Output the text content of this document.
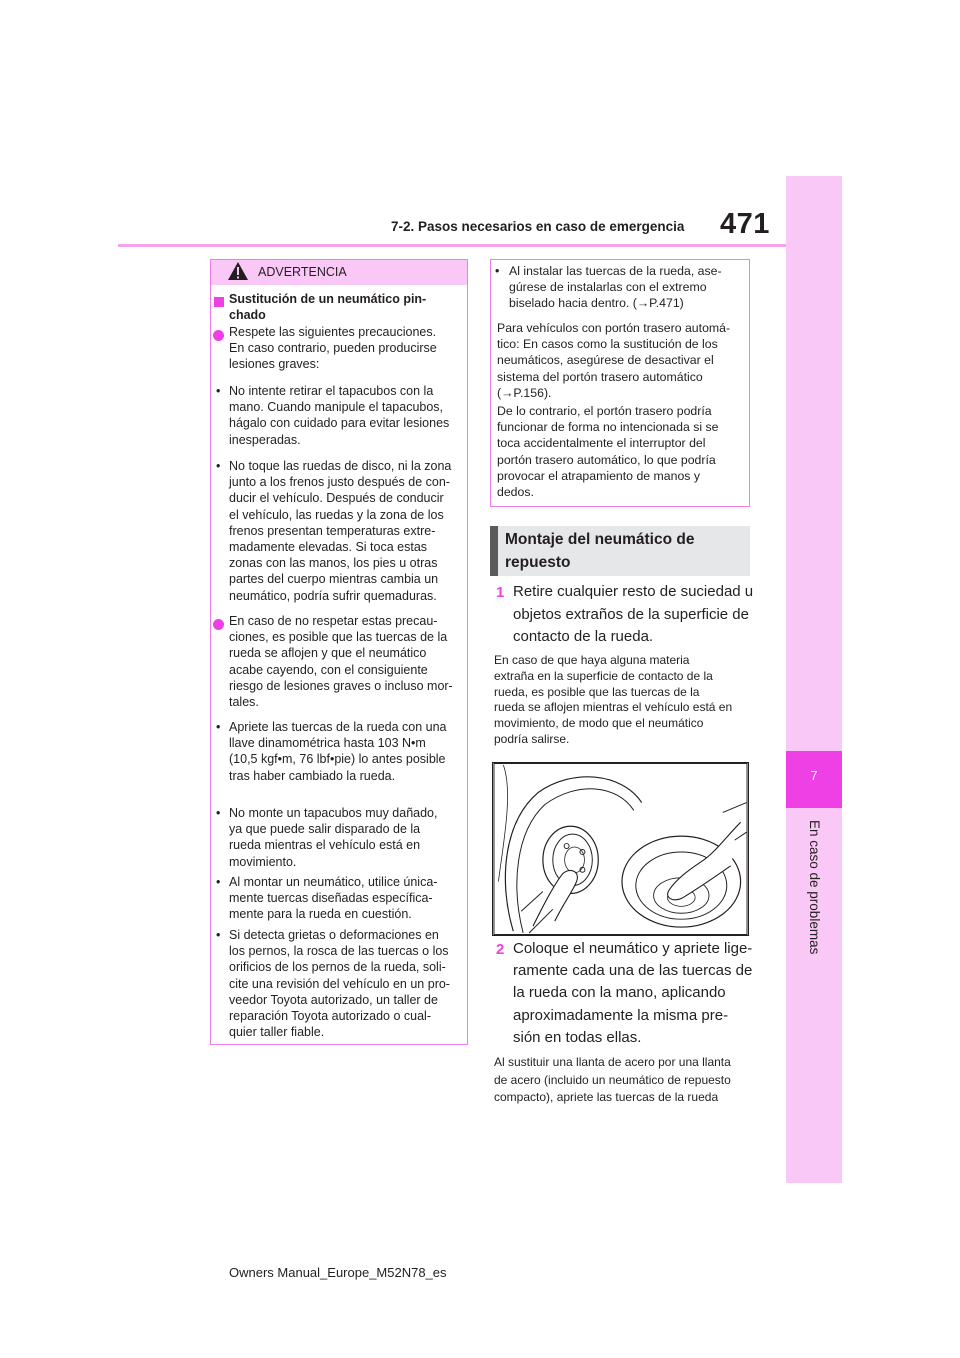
7-2. Pasos necesarios en caso de emergencia 471
7
En caso de problemas
ADVERTENCIA
Sustitución de un neumático pin-
chado
Respete las siguientes precauciones.
En caso contrario, pueden producirse
lesiones graves:
• No intente retirar el tapacubos con la
mano. Cuando manipule el tapacubos,
hágalo con cuidado para evitar lesiones
inesperadas.
• No toque las ruedas de disco, ni la zona
junto a los frenos justo después de con-
ducir el vehículo. Después de conducir
el vehículo, las ruedas y la zona de los
frenos presentan temperaturas extre-
madamente elevadas. Si toca estas
zonas con las manos, los pies u otras
partes del cuerpo mientras cambia un
neumático, podría sufrir quemaduras.
En caso de no respetar estas precau-
ciones, es posible que las tuercas de la
rueda se aflojen y que el neumático
acabe cayendo, con el consiguiente
riesgo de lesiones graves o incluso mor-
tales.
• Apriete las tuercas de la rueda con una
llave dinamométrica hasta 103 N•m
(10,5 kgf•m, 76 lbf•pie) lo antes posible
tras haber cambiado la rueda.
• No monte un tapacubos muy dañado,
ya que puede salir disparado de la
rueda mientras el vehículo está en
movimiento.
• Al montar un neumático, utilice única-
mente tuercas diseñadas específica-
mente para la rueda en cuestión.
• Si detecta grietas o deformaciones en
los pernos, la rosca de las tuercas o los
orificios de los pernos de la rueda, soli-
cite una revisión del vehículo en un pro-
veedor Toyota autorizado, un taller de
reparación Toyota autorizado o cual-
quier taller fiable.
• Al instalar las tuercas de la rueda, ase-
gúrese de instalarlas con el extremo
biselado hacia dentro. (→P.471)
Para vehículos con portón trasero automá-
tico: En casos como la sustitución de los
neumáticos, asegúrese de desactivar el
sistema del portón trasero automático
(→P.156).
De lo contrario, el portón trasero podría
funcionar de forma no intencionada si se
toca accidentalmente el interruptor del
portón trasero automático, lo que podría
provocar el atrapamiento de manos y
dedos.
Montaje del neumático de
repuesto
1 Retire cualquier resto de suciedad u
objetos extraños de la superficie de
contacto de la rueda.
En caso de que haya alguna materia
extraña en la superficie de contacto de la
rueda, es posible que las tuercas de la
rueda se aflojen mientras el vehículo está en
movimiento, de modo que el neumático
podría salirse.
2 Coloque el neumático y apriete lige-
ramente cada una de las tuercas de
la rueda con la mano, aplicando
aproximadamente la misma pre-
sión en todas ellas.
Al sustituir una llanta de acero por una llanta
de acero (incluido un neumático de repuesto
compacto), apriete las tuercas de la rueda
Owners Manual_Europe_M52N78_es
